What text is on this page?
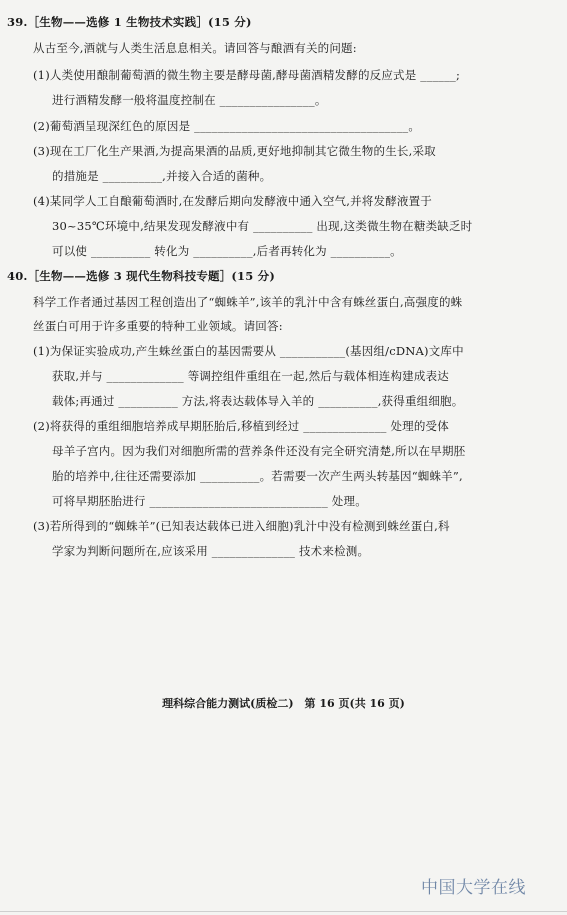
39.［生物——选修 1 生物技术实践］(15 分)
从古至今,酒就与人类生活息息相关。请回答与酿酒有关的问题:
(1)人类使用酿制葡萄酒的微生物主要是酵母菌,酵母菌酒精发酵的反应式是 ______;
进行酒精发酵一般将温度控制在 ________________。
(2)葡萄酒呈现深红色的原因是 ____________________________________。
(3)现在工厂化生产果酒,为提高果酒的品质,更好地抑制其它微生物的生长,采取
的措施是 __________,并接入合适的菌种。
(4)某同学人工自酿葡萄酒时,在发酵后期向发酵液中通入空气,并将发酵液置于
30~35℃环境中,结果发现发酵液中有 __________ 出现,这类微生物在糖类缺乏时
可以使 __________ 转化为 __________,后者再转化为 __________。
40.［生物——选修 3 现代生物科技专题］(15 分)
科学工作者通过基因工程创造出了“蜘蛛羊”,该羊的乳汁中含有蛛丝蛋白,高强度的蛛
丝蛋白可用于许多重要的特种工业领域。请回答:
(1)为保证实验成功,产生蛛丝蛋白的基因需要从 ___________(基因组/cDNA)文库中
获取,并与 _____________ 等调控组件重组在一起,然后与载体相连构建成表达
载体;再通过 __________ 方法,将表达载体导入羊的 __________,获得重组细胞。
(2)将获得的重组细胞培养成早期胚胎后,移植到经过 ______________ 处理的受体
母羊子宫内。因为我们对细胞所需的营养条件还没有完全研究清楚,所以在早期胚
胎的培养中,往往还需要添加 __________。若需要一次产生两头转基因“蜘蛛羊”,
可将早期胚胎进行 ______________________________ 处理。
(3)若所得到的“蜘蛛羊”(已知表达载体已进入细胞)乳汁中没有检测到蛛丝蛋白,科
学家为判断问题所在,应该采用 ______________ 技术来检测。
理科综合能力测试(质检二)　第 16 页(共 16 页)
中国大学在线
